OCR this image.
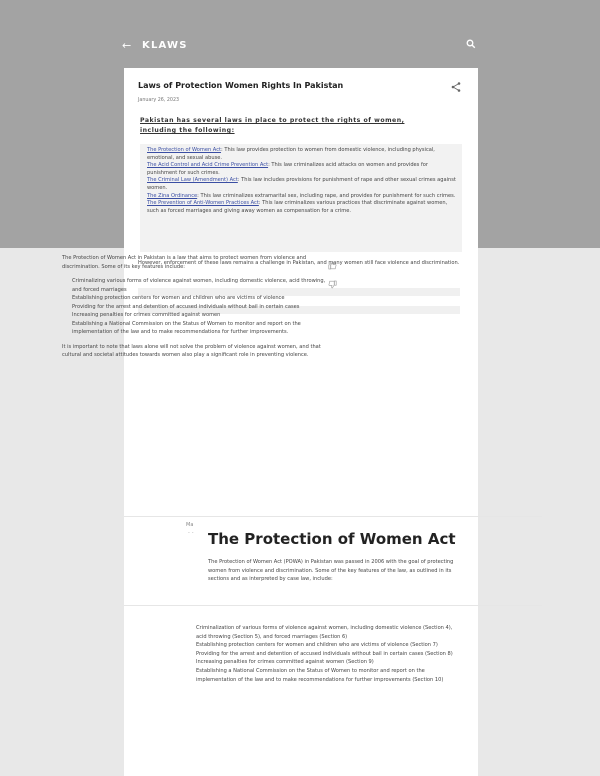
← KLAWS
Laws of Protection Women Rights In Pakistan
January 26, 2023
Pakistan has several laws in place to protect the rights of women, including the following:
The Protection of Women Act: This law provides protection to women from domestic violence, including physical, emotional, and sexual abuse.
The Acid Control and Acid Crime Prevention Act: This law criminalizes acid attacks on women and provides for punishment for such crimes.
The Criminal Law (Amendment) Act: This law includes provisions for punishment of rape and other sexual crimes against women.
The Zina Ordinance: This law criminalizes extramarital sex, including rape, and provides for punishment for such crimes.
The Prevention of Anti-Women Practices Act: This law criminalizes various practices that discriminate against women, such as forced marriages and giving away women as compensation for a crime.
However, enforcement of these laws remains a challenge in Pakistan, and many women still face violence and discrimination.

The Protection of Women Act in Pakistan is a law that aims to protect women from violence and discrimination. Some of its key features include:

Criminalizing various forms of violence against women, including domestic violence, acid throwing, and forced marriages
Establishing protection centers for women and children who are victims of violence
Providing for the arrest and detention of accused individuals without bail in certain cases
Increasing penalties for crimes committed against women
Establishing a National Commission on the Status of Women to monitor and report on the implementation of the law and to make recommendations for further improvements.

It is important to note that laws alone will not solve the problem of violence against women, and that cultural and societal attitudes towards women also play a significant role in preventing violence.

Ma
· · The Protection of Women Act
The Protection of Women Act (POWA) in Pakistan was passed in 2006 with the goal of protecting women from violence and discrimination. Some of the key features of the law, as outlined in its sections and as interpreted by case law, include:
Criminalization of various forms of violence against women, including domestic violence (Section 4), acid throwing (Section 5), and forced marriages (Section 6)
Establishing protection centers for women and children who are victims of violence (Section 7)
Providing for the arrest and detention of accused individuals without bail in certain cases (Section 8)
Increasing penalties for crimes committed against women (Section 9)
Establishing a National Commission on the Status of Women to monitor and report on the implementation of the law and to make recommendations for further improvements (Section 10)
